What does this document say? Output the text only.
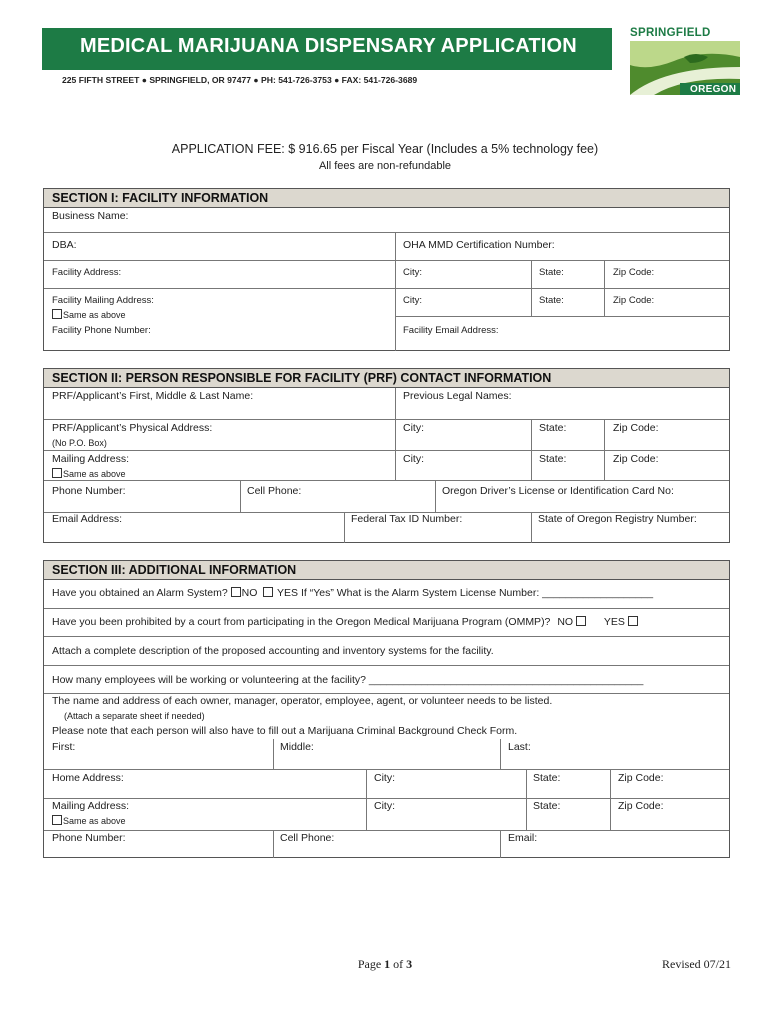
MEDICAL MARIJUANA DISPENSARY APPLICATION
225 FIFTH STREET ● SPRINGFIELD, OR 97477 ● PH: 541-726-3753 ● FAX: 541-726-3689
SPRINGFIELD
OREGON
APPLICATION FEE: $ 916.65 per Fiscal Year (Includes a 5% technology fee)
All fees are non-refundable
SECTION I: FACILITY INFORMATION
Business Name:
DBA:	OHA MMD Certification Number:
Facility Address:	City:	State:	Zip Code:
Facility Mailing Address:	City:	State:	Zip Code:
Same as above
Facility Phone Number:	Facility Email Address:
SECTION II: PERSON RESPONSIBLE FOR FACILITY (PRF) CONTACT INFORMATION
PRF/Applicant’s First, Middle & Last Name:	Previous Legal Names:
PRF/Applicant’s Physical Address:	City:	State:	Zip Code:
(No P.O. Box)
Mailing Address:	City:	State:	Zip Code:
Same as above
Phone Number:	Cell Phone:	Oregon Driver’s License or Identification Card No:
Email Address:	Federal Tax ID Number:	State of Oregon Registry Number:
SECTION III: ADDITIONAL INFORMATION
Have you obtained an Alarm System? NO YES If “Yes” What is the Alarm System License Number: ___________________
Have you been prohibited by a court from participating in the Oregon Medical Marijuana Program (OMMP)? NO	YES
Attach a complete description of the proposed accounting and inventory systems for the facility.
How many employees will be working or volunteering at the facility? _______________________________________________
The name and address of each owner, manager, operator, employee, agent, or volunteer needs to be listed.
(Attach a separate sheet if needed)
Please note that each person will also have to fill out a Marijuana Criminal Background Check Form.
First:	Middle:	Last:
Home Address:	City:	State:	Zip Code:
Mailing Address:	City:	State:	Zip Code:
Same as above
Phone Number:	Cell Phone:	Email:
Page 1 of 3	Revised 07/21
